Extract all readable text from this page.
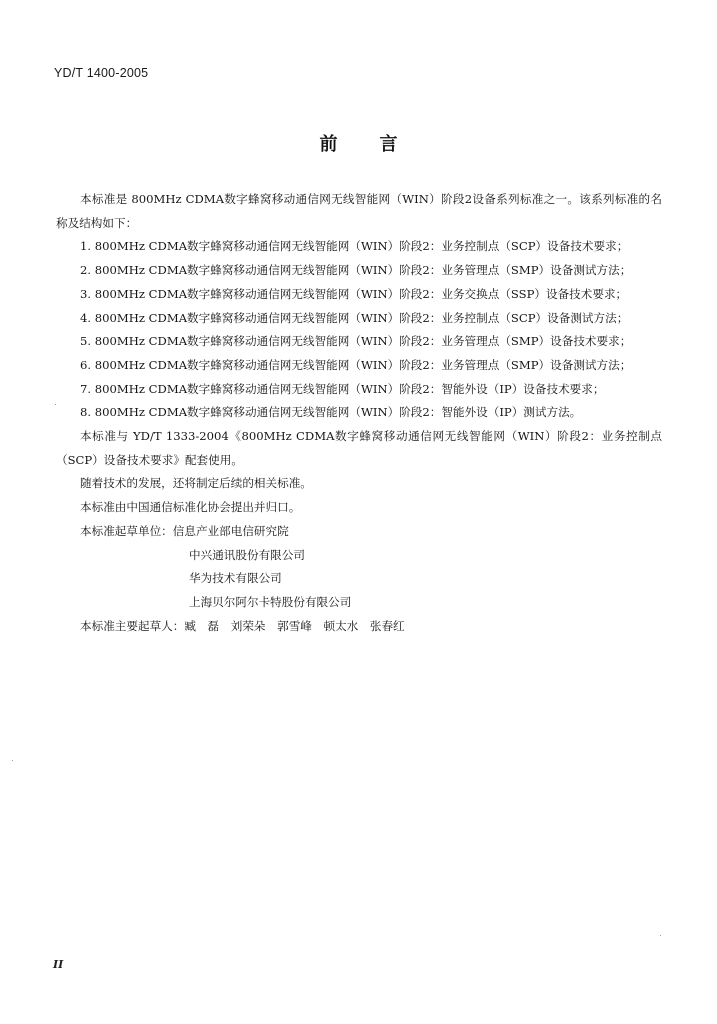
YD/T 1400-2005
前 言

本标准是 800MHz CDMA数字蜂窝移动通信网无线智能网（WIN）阶段2设备系列标准之一。该系列标准的名称及结构如下：

1. 800MHz CDMA数字蜂窝移动通信网无线智能网（WIN）阶段2：业务控制点（SCP）设备技术要求；

2. 800MHz CDMA数字蜂窝移动通信网无线智能网（WIN）阶段2：业务管理点（SMP）设备测试方法；

3. 800MHz CDMA数字蜂窝移动通信网无线智能网（WIN）阶段2：业务交换点（SSP）设备技术要求；

4. 800MHz CDMA数字蜂窝移动通信网无线智能网（WIN）阶段2：业务控制点（SCP）设备测试方法；

5. 800MHz CDMA数字蜂窝移动通信网无线智能网（WIN）阶段2：业务管理点（SMP）设备技术要求；

6. 800MHz CDMA数字蜂窝移动通信网无线智能网（WIN）阶段2：业务管理点（SMP）设备测试方法；

7. 800MHz CDMA数字蜂窝移动通信网无线智能网（WIN）阶段2：智能外设（IP）设备技术要求；

8. 800MHz CDMA数字蜂窝移动通信网无线智能网（WIN）阶段2：智能外设（IP）测试方法。

本标准与 YD/T 1333-2004《800MHz CDMA数字蜂窝移动通信网无线智能网（WIN）阶段2：业务控制点（SCP）设备技术要求》配套使用。

随着技术的发展，还将制定后续的相关标准。

本标准由中国通信标准化协会提出并归口。

本标准起草单位：信息产业部电信研究院

中兴通讯股份有限公司

华为技术有限公司

上海贝尔阿尔卡特股份有限公司

本标准主要起草人：臧　磊　刘荣朵　郭雪峰　顿太水　张春红

II
